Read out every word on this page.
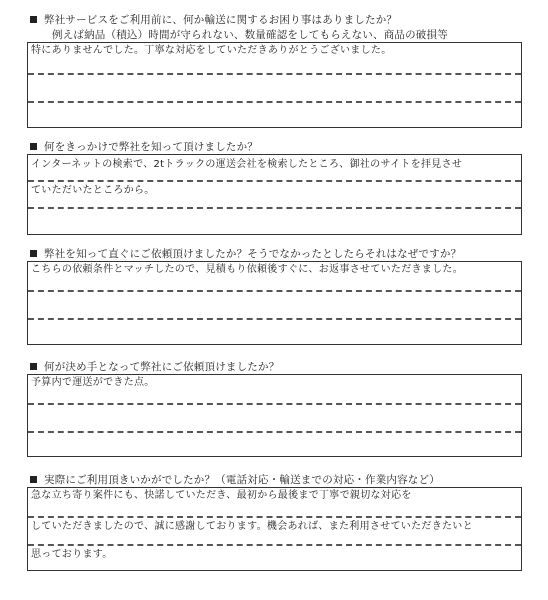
弊社サービスをご利用前に、何か輸送に関するお困り事はありましたか？
例えば納品（積込）時間が守られない、数量確認をしてもらえない、商品の破損等
特にありませんでした。丁寧な対応をしていただきありがとうございました。
何をきっかけで弊社を知って頂けましたか？
インターネットの検索で、2tトラックの運送会社を検索したところ、御社のサイトを拝見させ
ていただいたところから。
弊社を知って直ぐにご依頼頂けましたか？そうでなかったとしたらそれはなぜですか？
こちらの依頼条件とマッチしたので、見積もり依頼後すぐに、お返事させていただきました。
何が決め手となって弊社にご依頼頂けましたか？
予算内で運送ができた点。
実際にご利用頂きいかがでしたか？（電話対応・輸送までの対応・作業内容など）
急な立ち寄り案件にも、快諾していただき、最初から最後まで丁寧で親切な対応を
していただきましたので、誠に感謝しております。機会あれば、また利用させていただきたいと
思っております。
